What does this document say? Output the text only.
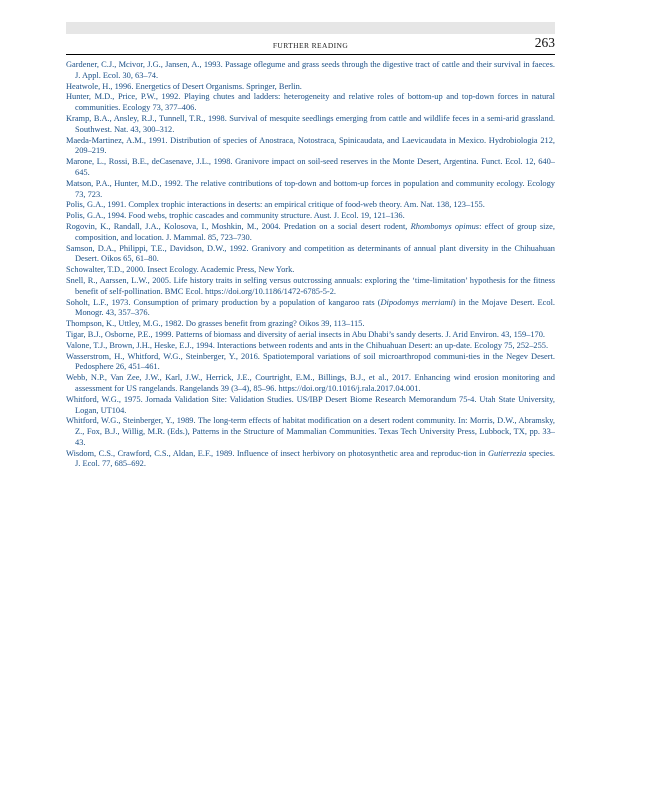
FURTHER READING	263
Gardener, C.J., Mcivor, J.G., Jansen, A., 1993. Passage oflegume and grass seeds through the digestive tract of cattle and their survival in faeces. J. Appl. Ecol. 30, 63–74.
Heatwole, H., 1996. Energetics of Desert Organisms. Springer, Berlin.
Hunter, M.D., Price, P.W., 1992. Playing chutes and ladders: heterogeneity and relative roles of bottom-up and top-down forces in natural communities. Ecology 73, 377–406.
Kramp, B.A., Ansley, R.J., Tunnell, T.R., 1998. Survival of mesquite seedlings emerging from cattle and wildlife feces in a semi-arid grassland. Southwest. Nat. 43, 300–312.
Maeda-Martinez, A.M., 1991. Distribution of species of Anostraca, Notostraca, Spinicaudata, and Laevicaudata in Mexico. Hydrobiologia 212, 209–219.
Marone, L., Rossi, B.E., deCasenave, J.L., 1998. Granivore impact on soil-seed reserves in the Monte Desert, Argentina. Funct. Ecol. 12, 640–645.
Matson, P.A., Hunter, M.D., 1992. The relative contributions of top-down and bottom-up forces in population and community ecology. Ecology 73, 723.
Polis, G.A., 1991. Complex trophic interactions in deserts: an empirical critique of food-web theory. Am. Nat. 138, 123–155.
Polis, G.A., 1994. Food webs, trophic cascades and community structure. Aust. J. Ecol. 19, 121–136.
Rogovin, K., Randall, J.A., Kolosova, I., Moshkin, M., 2004. Predation on a social desert rodent, Rhombomys opimus: effect of group size, composition, and location. J. Mammal. 85, 723–730.
Samson, D.A., Philippi, T.E., Davidson, D.W., 1992. Granivory and competition as determinants of annual plant diversity in the Chihuahuan Desert. Oikos 65, 61–80.
Schowalter, T.D., 2000. Insect Ecology. Academic Press, New York.
Snell, R., Aarssen, L.W., 2005. Life history traits in selfing versus outcrossing annuals: exploring the ‘time-limitation’ hypothesis for the fitness benefit of self-pollination. BMC Ecol. https://doi.org/10.1186/1472-6785-5-2.
Soholt, L.F., 1973. Consumption of primary production by a population of kangaroo rats (Dipodomys merriami) in the Mojave Desert. Ecol. Monogr. 43, 357–376.
Thompson, K., Uttley, M.G., 1982. Do grasses benefit from grazing? Oikos 39, 113–115.
Tigar, B.J., Osborne, P.E., 1999. Patterns of biomass and diversity of aerial insects in Abu Dhabi’s sandy deserts. J. Arid Environ. 43, 159–170.
Valone, T.J., Brown, J.H., Heske, E.J., 1994. Interactions between rodents and ants in the Chihuahuan Desert: an up-date. Ecology 75, 252–255.
Wasserstrom, H., Whitford, W.G., Steinberger, Y., 2016. Spatiotemporal variations of soil microarthropod communi-ties in the Negev Desert. Pedosphere 26, 451–461.
Webb, N.P., Van Zee, J.W., Karl, J.W., Herrick, J.E., Courtright, E.M., Billings, B.J., et al., 2017. Enhancing wind erosion monitoring and assessment for US rangelands. Rangelands 39 (3–4), 85–96. https://doi.org/10.1016/j.rala.2017.04.001.
Whitford, W.G., 1975. Jornada Validation Site: Validation Studies. US/IBP Desert Biome Research Memorandum 75-4. Utah State University, Logan, UT104.
Whitford, W.G., Steinberger, Y., 1989. The long-term effects of habitat modification on a desert rodent community. In: Morris, D.W., Abramsky, Z., Fox, B.J., Willig, M.R. (Eds.), Patterns in the Structure of Mammalian Communities. Texas Tech University Press, Lubbock, TX, pp. 33–43.
Wisdom, C.S., Crawford, C.S., Aldan, E.F., 1989. Influence of insect herbivory on photosynthetic area and reproduc-tion in Gutierrezia species. J. Ecol. 77, 685–692.
